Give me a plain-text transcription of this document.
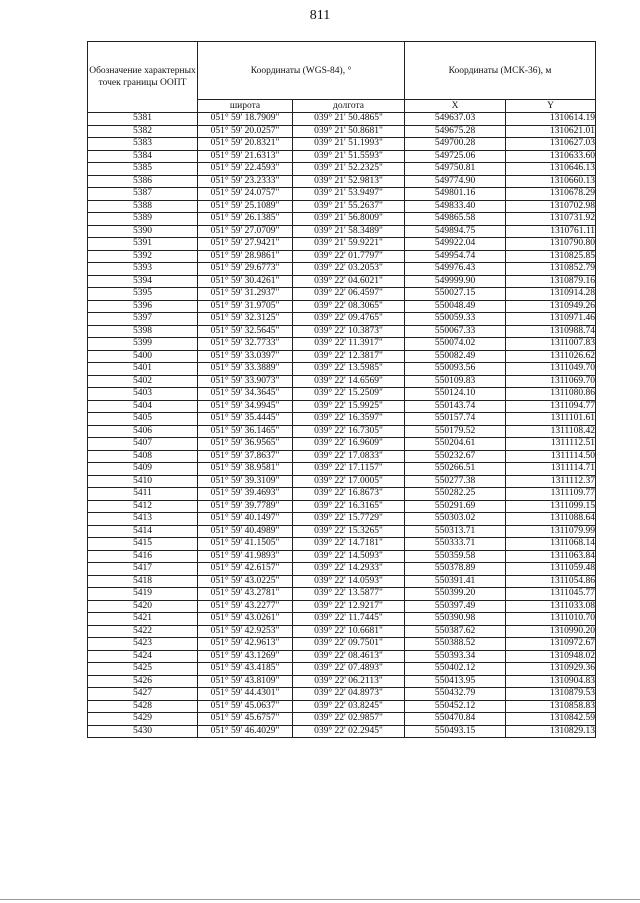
811
Обозначение характерных точек границы ООПТ	Координаты (WGS-84), °		Координаты (МСК-36), м	
	широта	долгота	X	Y
5381	051° 59' 18.7909"	039° 21' 50.4865"	549637.03	1310614.19
5382	051° 59' 20.0257"	039° 21' 50.8681"	549675.28	1310621.01
5383	051° 59' 20.8321"	039° 21' 51.1993"	549700.28	1310627.03
5384	051° 59' 21.6313"	039° 21' 51.5593"	549725.06	1310633.60
5385	051° 59' 22.4593"	039° 21' 52.2325"	549750.81	1310646.13
5386	051° 59' 23.2333"	039° 21' 52.9813"	549774.90	1310660.13
5387	051° 59' 24.0757"	039° 21' 53.9497"	549801.16	1310678.29
5388	051° 59' 25.1089"	039° 21' 55.2637"	549833.40	1310702.98
5389	051° 59' 26.1385"	039° 21' 56.8009"	549865.58	1310731.92
5390	051° 59' 27.0709"	039° 21' 58.3489"	549894.75	1310761.11
5391	051° 59' 27.9421"	039° 21' 59.9221"	549922.04	1310790.80
5392	051° 59' 28.9861"	039° 22' 01.7797"	549954.74	1310825.85
5393	051° 59' 29.6773"	039° 22' 03.2053"	549976.43	1310852.79
5394	051° 59' 30.4261"	039° 22' 04.6021"	549999.90	1310879.16
5395	051° 59' 31.2937"	039° 22' 06.4597"	550027.15	1310914.28
5396	051° 59' 31.9705"	039° 22' 08.3065"	550048.49	1310949.26
5397	051° 59' 32.3125"	039° 22' 09.4765"	550059.33	1310971.46
5398	051° 59' 32.5645"	039° 22' 10.3873"	550067.33	1310988.74
5399	051° 59' 32.7733"	039° 22' 11.3917"	550074.02	1311007.83
5400	051° 59' 33.0397"	039° 22' 12.3817"	550082.49	1311026.62
5401	051° 59' 33.3889"	039° 22' 13.5985"	550093.56	1311049.70
5402	051° 59' 33.9073"	039° 22' 14.6569"	550109.83	1311069.70
5403	051° 59' 34.3645"	039° 22' 15.2509"	550124.10	1311080.86
5404	051° 59' 34.9945"	039° 22' 15.9925"	550143.74	1311094.77
5405	051° 59' 35.4445"	039° 22' 16.3597"	550157.74	1311101.61
5406	051° 59' 36.1465"	039° 22' 16.7305"	550179.52	1311108.42
5407	051° 59' 36.9565"	039° 22' 16.9609"	550204.61	1311112.51
5408	051° 59' 37.8637"	039° 22' 17.0833"	550232.67	1311114.50
5409	051° 59' 38.9581"	039° 22' 17.1157"	550266.51	1311114.71
5410	051° 59' 39.3109"	039° 22' 17.0005"	550277.38	1311112.37
5411	051° 59' 39.4693"	039° 22' 16.8673"	550282.25	1311109.77
5412	051° 59' 39.7789"	039° 22' 16.3165"	550291.69	1311099.15
5413	051° 59' 40.1497"	039° 22' 15.7729"	550303.02	1311088.64
5414	051° 59' 40.4989"	039° 22' 15.3265"	550313.71	1311079.99
5415	051° 59' 41.1505"	039° 22' 14.7181"	550333.71	1311068.14
5416	051° 59' 41.9893"	039° 22' 14.5093"	550359.58	1311063.84
5417	051° 59' 42.6157"	039° 22' 14.2933"	550378.89	1311059.48
5418	051° 59' 43.0225"	039° 22' 14.0593"	550391.41	1311054.86
5419	051° 59' 43.2781"	039° 22' 13.5877"	550399.20	1311045.77
5420	051° 59' 43.2277"	039° 22' 12.9217"	550397.49	1311033.08
5421	051° 59' 43.0261"	039° 22' 11.7445"	550390.98	1311010.70
5422	051° 59' 42.9253"	039° 22' 10.6681"	550387.62	1310990.20
5423	051° 59' 42.9613"	039° 22' 09.7501"	550388.52	1310972.67
5424	051° 59' 43.1269"	039° 22' 08.4613"	550393.34	1310948.02
5425	051° 59' 43.4185"	039° 22' 07.4893"	550402.12	1310929.36
5426	051° 59' 43.8109"	039° 22' 06.2113"	550413.95	1310904.83
5427	051° 59' 44.4301"	039° 22' 04.8973"	550432.79	1310879.53
5428	051° 59' 45.0637"	039° 22' 03.8245"	550452.12	1310858.83
5429	051° 59' 45.6757"	039° 22' 02.9857"	550470.84	1310842.59
5430	051° 59' 46.4029"	039° 22' 02.2945"	550493.15	1310829.13
